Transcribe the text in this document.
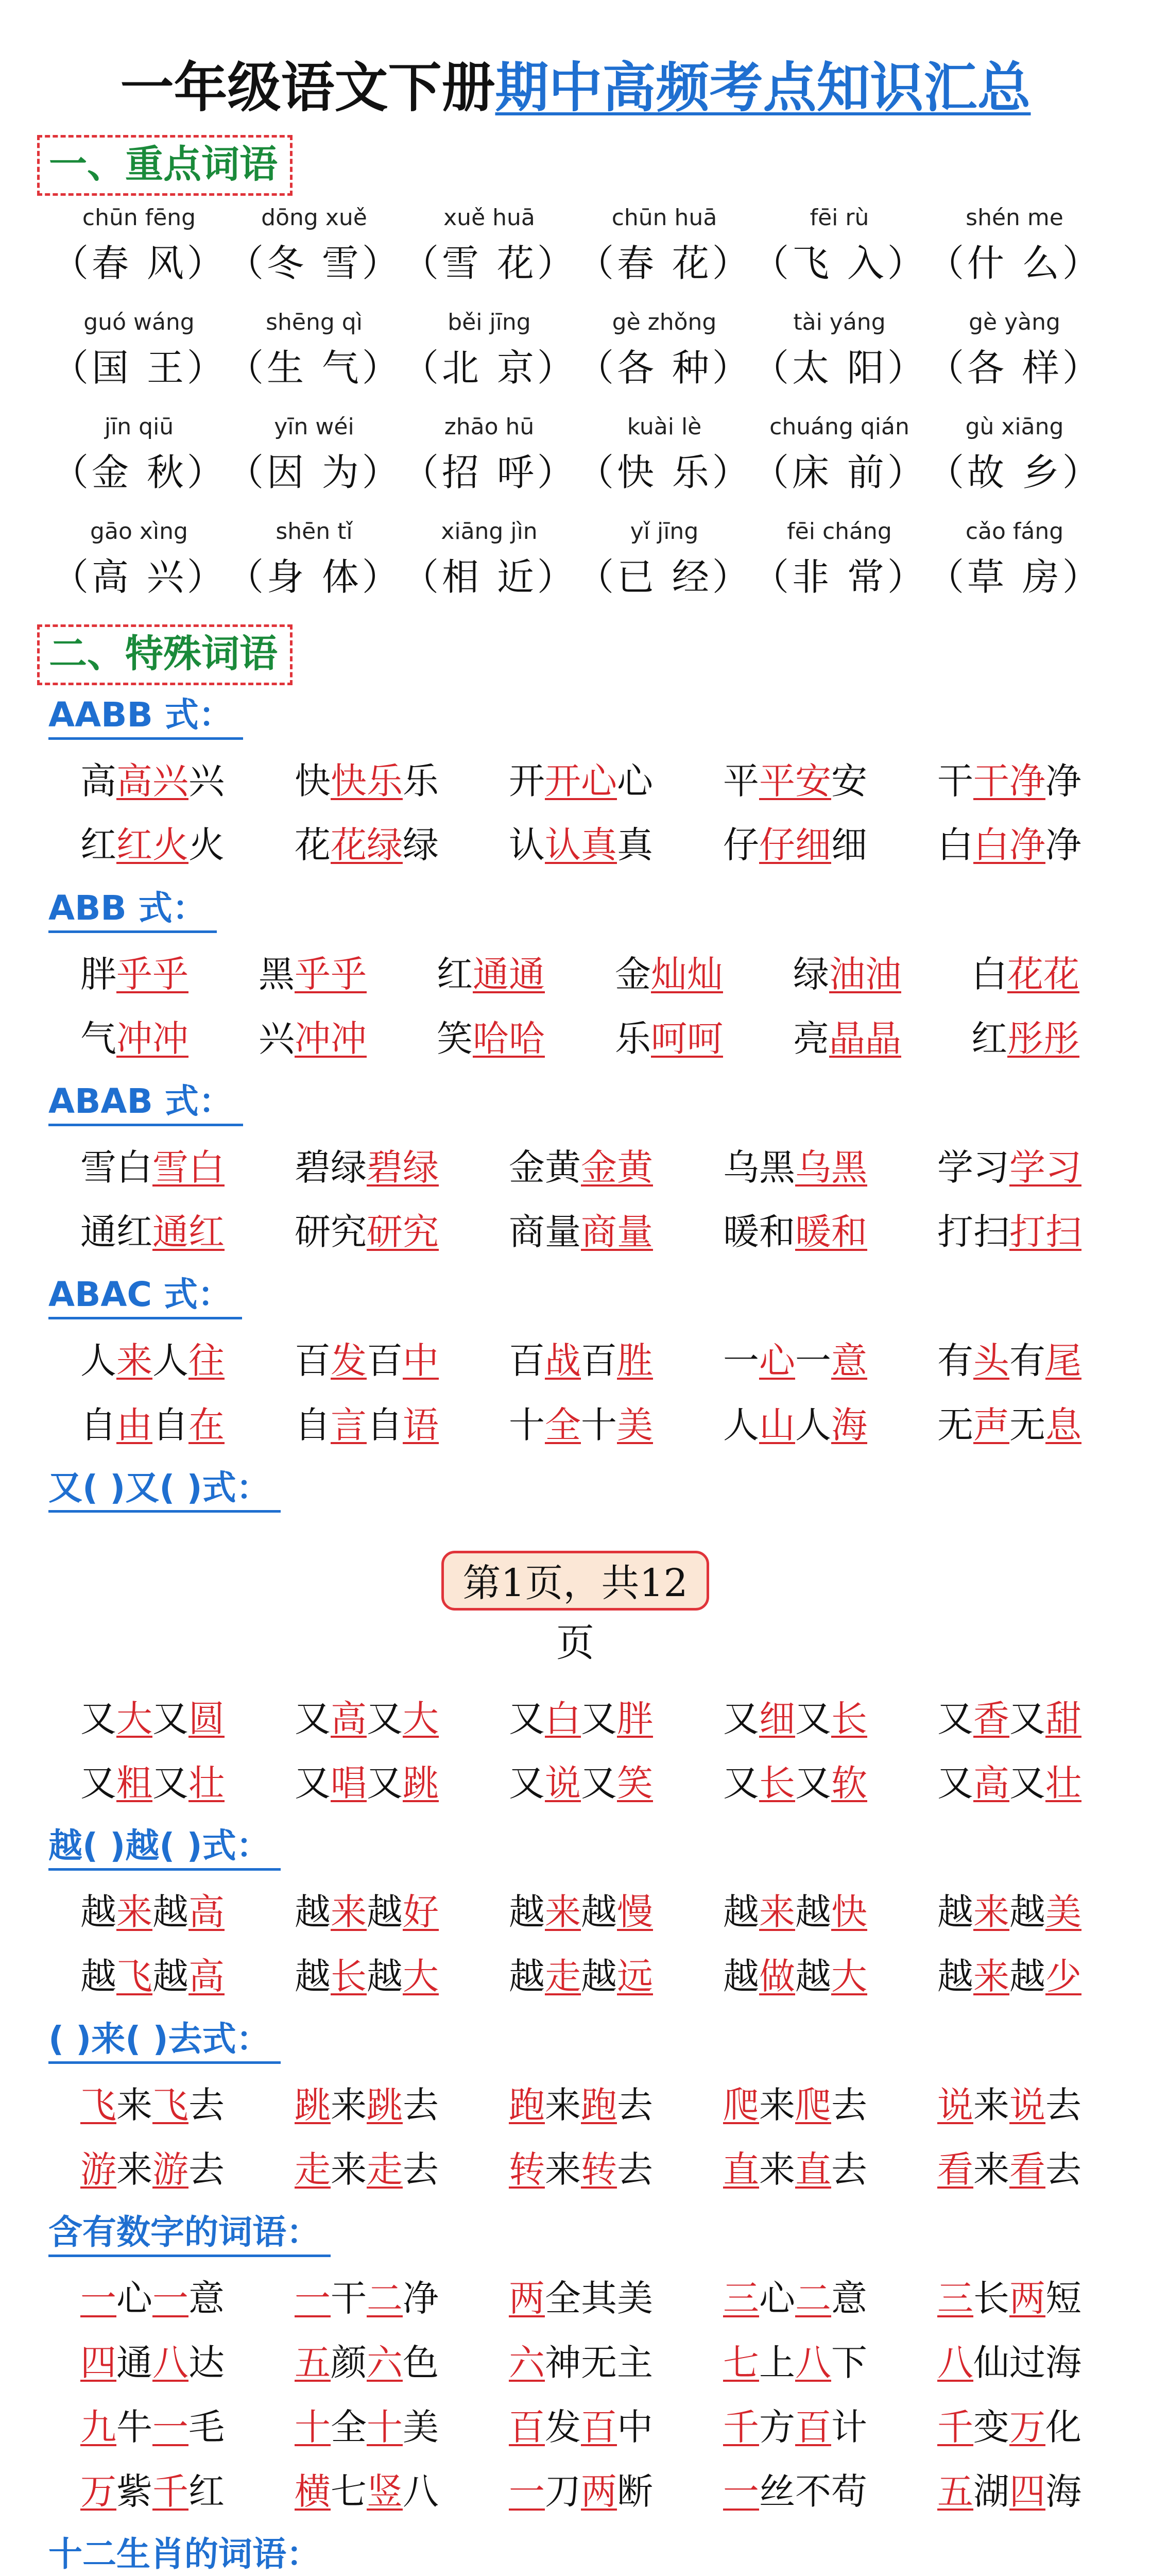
一年级语文下册期中高频考点知识汇总
一、重点词语
chūn fēng	dōng xuě	xuě huā	chūn huā	fēi rù	shén me
（春 风） （冬 雪） （雪 花） （春 花） （飞 入） （什 么）
guó wáng	shēng qì	běi jīng	gè zhǒng	tài yáng	gè yàng
（国 王） （生 气） （北 京） （各 种） （太 阳） （各 样）
jīn qiū	yīn wéi	zhāo hū	kuài lè	chuáng qián	gù xiāng
（金 秋） （因 为） （招 呼） （快 乐） （床 前） （故 乡）
gāo xìng	shēn tǐ	xiāng jìn	yǐ jīng	fēi cháng	cǎo fáng
（高 兴） （身 体） （相 近） （已 经） （非 常） （草 房）
二、特殊词语
AABB 式：
高高兴兴	快快乐乐	开开心心	平平安安	干干净净
红红火火	花花绿绿	认认真真	仔仔细细	白白净净
ABB 式：
胖乎乎	黑乎乎	红通通	金灿灿	绿油油	白花花
气冲冲	兴冲冲	笑哈哈	乐呵呵	亮晶晶	红彤彤
ABAB 式：
雪白雪白	碧绿碧绿	金黄金黄	乌黑乌黑	学习学习
通红通红	研究研究	商量商量	暖和暖和	打扫打扫
ABAC 式：
人来人往	百发百中	百战百胜	一心一意	有头有尾
自由自在	自言自语	十全十美	人山人海	无声无息
又( )又( )式：
第1页，共12页
又大又圆	又高又大	又白又胖	又细又长	又香又甜
又粗又壮	又唱又跳	又说又笑	又长又软	又高又壮
越( )越( )式：
越来越高	越来越好	越来越慢	越来越快	越来越美
越飞越高	越长越大	越走越远	越做越大	越来越少
( )来( )去式：
飞来飞去	跳来跳去	跑来跑去	爬来爬去	说来说去
游来游去	走来走去	转来转去	直来直去	看来看去
含有数字的词语：
一心一意	一干二净	两全其美	三心二意	三长两短
四通八达	五颜六色	六神无主	七上八下	八仙过海
九牛一毛	十全十美	百发百中	千方百计	千变万化
万紫千红	横七竖八	一刀两断	一丝不苟	五湖四海
十二生肖的词语：
